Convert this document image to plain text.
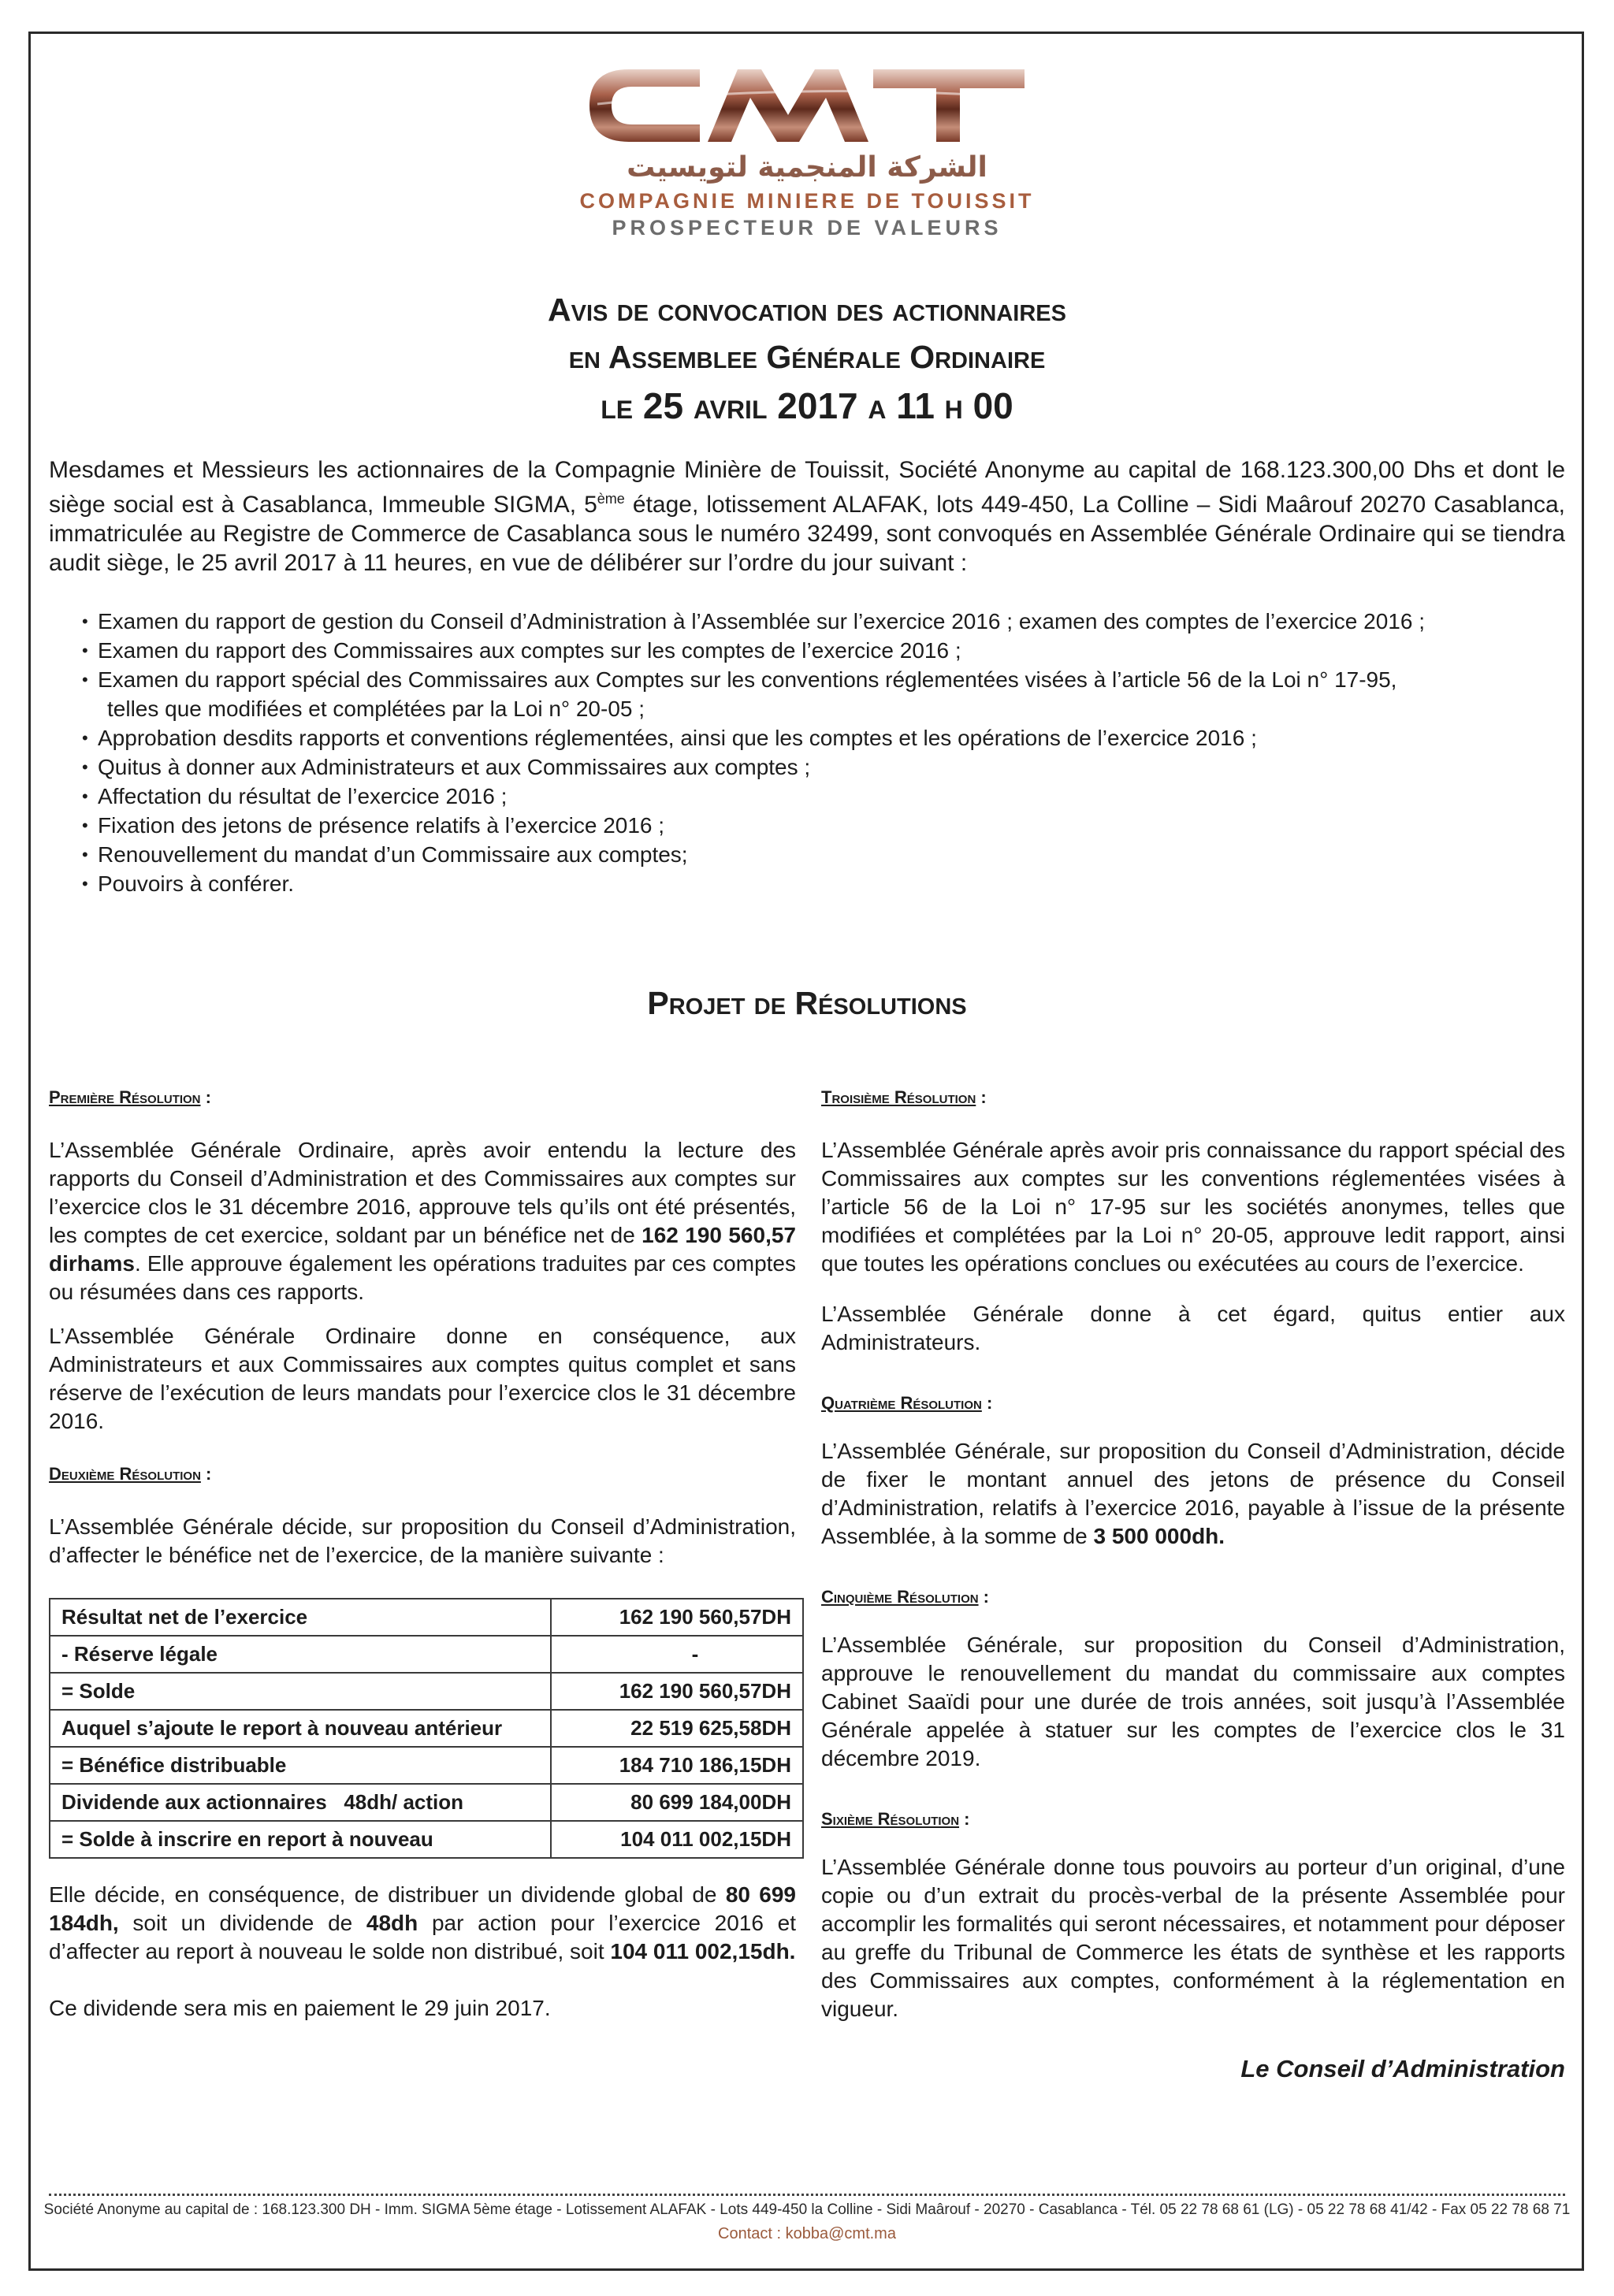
الشركة المنجمية لتويسيت
COMPAGNIE MINIERE DE TOUISSIT
PROSPECTEUR DE VALEURS
Avis de convocation des actionnaires
en Assemblee Générale Ordinaire
le 25 avril 2017 a 11 h 00

Mesdames et Messieurs les actionnaires de la Compagnie Minière de Touissit, Société Anonyme au capital de 168.123.300,00 Dhs et dont le siège social est à Casablanca, Immeuble SIGMA, 5ème étage, lotissement ALAFAK, lots 449-450, La Colline – Sidi Maârouf 20270 Casablanca, immatriculée au Registre de Commerce de Casablanca sous le numéro 32499, sont convoqués en Assemblée Générale Ordinaire qui se tiendra audit siège, le 25 avril 2017 à 11 heures, en vue de délibérer sur l’ordre du jour suivant :

• Examen du rapport de gestion du Conseil d’Administration à l’Assemblée sur l’exercice 2016 ; examen des comptes de l’exercice 2016 ;
• Examen du rapport des Commissaires aux comptes sur les comptes de l’exercice 2016 ;
• Examen du rapport spécial des Commissaires aux Comptes sur les conventions réglementées visées à l’article 56 de la Loi n° 17-95,
telles que modifiées et complétées par la Loi n° 20-05 ;
• Approbation desdits rapports et conventions réglementées, ainsi que les comptes et les opérations de l’exercice 2016 ;
• Quitus à donner aux Administrateurs et aux Commissaires aux comptes ;
• Affectation du résultat de l’exercice 2016 ;
• Fixation des jetons de présence relatifs à l’exercice 2016 ;
• Renouvellement du mandat d’un Commissaire aux comptes;
• Pouvoirs à conférer.
Projet de Résolutions

Première Résolution :

L’Assemblée Générale Ordinaire, après avoir entendu la lecture des rapports du Conseil d’Administration et des Commissaires aux comptes sur l’exercice clos le 31 décembre 2016, approuve tels qu’ils ont été présentés, les comptes de cet exercice, soldant par un bénéfice net de 162 190 560,57 dirhams. Elle approuve également les opérations traduites par ces comptes ou résumées dans ces rapports.

L’Assemblée Générale Ordinaire donne en conséquence, aux Administrateurs et aux Commissaires aux comptes quitus complet et sans réserve de l’exécution de leurs mandats pour l’exercice clos le 31 décembre 2016.

Deuxième Résolution :

L’Assemblée Générale décide, sur proposition du Conseil d’Administration, d’affecter le bénéfice net de l’exercice, de la manière suivante :

Résultat net de l’exercice	162 190 560,57DH
- Réserve légale	-
= Solde	162 190 560,57DH
Auquel s’ajoute le report à nouveau antérieur	22 519 625,58DH
= Bénéfice distribuable	184 710 186,15DH
Dividende aux actionnaires   48dh/ action	80 699 184,00DH
= Solde à inscrire en report à nouveau	104 011 002,15DH

Elle décide, en conséquence, de distribuer un dividende global de 80 699 184dh, soit un dividende de 48dh par action pour l’exercice 2016 et d’affecter au report à nouveau le solde non distribué, soit 104 011 002,15dh.

Ce dividende sera mis en paiement le 29 juin 2017.

Troisième Résolution :

L’Assemblée Générale après avoir pris connaissance du rapport spécial des Commissaires aux comptes sur les conventions réglementées visées à l’article 56 de la Loi n° 17-95 sur les sociétés anonymes, telles que modifiées et complétées par la Loi n° 20-05, approuve ledit rapport, ainsi que toutes les opérations conclues ou exécutées au cours de l’exercice.

L’Assemblée Générale donne à cet égard, quitus entier aux Administrateurs.

Quatrième Résolution :

L’Assemblée Générale, sur proposition du Conseil d’Administration, décide de fixer le montant annuel des jetons de présence du Conseil d’Administration, relatifs à l’exercice 2016, payable à l’issue de la présente Assemblée, à la somme de 3 500 000dh.

Cinquième Résolution :

L’Assemblée Générale, sur proposition du Conseil d’Administration, approuve le renouvellement du mandat du commissaire aux comptes Cabinet Saaïdi pour une durée de trois années, soit jusqu’à l’Assemblée Générale appelée à statuer sur les comptes de l’exercice clos le 31 décembre 2019.

Sixième Résolution :

L’Assemblée Générale donne tous pouvoirs au porteur d’un original, d’une copie ou d’un extrait du procès-verbal de la présente Assemblée pour accomplir les formalités qui seront nécessaires, et notamment pour déposer au greffe du Tribunal de Commerce les états de synthèse et les rapports des Commissaires aux comptes, conformément à la réglementation en vigueur.

Le Conseil d’Administration

Société Anonyme au capital de : 168.123.300 DH - Imm. SIGMA 5ème étage - Lotissement ALAFAK - Lots 449-450 la Colline - Sidi Maârouf - 20270 - Casablanca - Tél. 05 22 78 68 61 (LG) - 05 22 78 68 41/42 - Fax 05 22 78 68 71
Contact : kobba@cmt.ma
